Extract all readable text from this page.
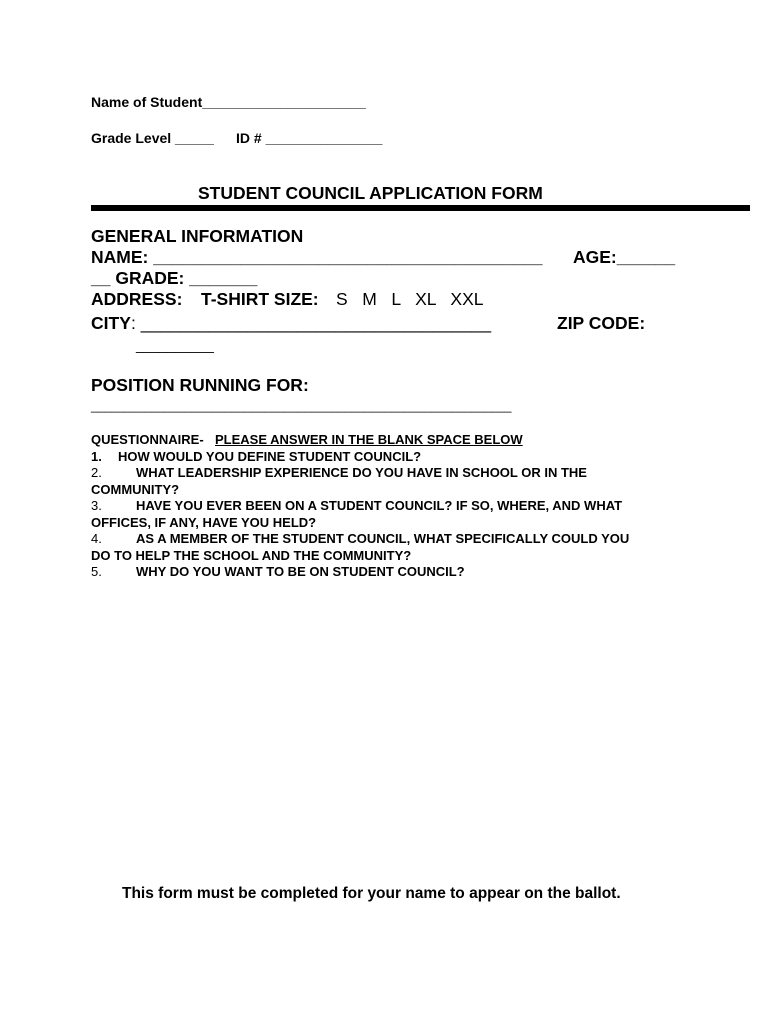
Name of Student_____________________
Grade Level _____ ID # _______________
STUDENT COUNCIL APPLICATION FORM
GENERAL INFORMATION
NAME: ________________________________________ AGE:______
__ GRADE: _______
ADDRESS: T-SHIRT SIZE: S   M   L   XL   XXL
CITY : ____________________________________	ZIP CODE:
__________
POSITION RUNNING FOR:
_______________________________________________________________
QUESTIONNAIRE- PLEASE ANSWER IN THE BLANK SPACE BELOW
1. HOW WOULD YOU DEFINE STUDENT COUNCIL?
2.	WHAT LEADERSHIP EXPERIENCE DO YOU HAVE IN SCHOOL OR IN THE
COMMUNITY?
3.	HAVE YOU EVER BEEN ON A STUDENT COUNCIL? IF SO, WHERE, AND WHAT
OFFICES, IF ANY, HAVE YOU HELD?
4.	AS A MEMBER OF THE STUDENT COUNCIL, WHAT SPECIFICALLY COULD YOU
DO TO HELP THE SCHOOL AND THE COMMUNITY?
5.	WHY DO YOU WANT TO BE ON STUDENT COUNCIL?
This form must be completed for your name to appear on the ballot.
